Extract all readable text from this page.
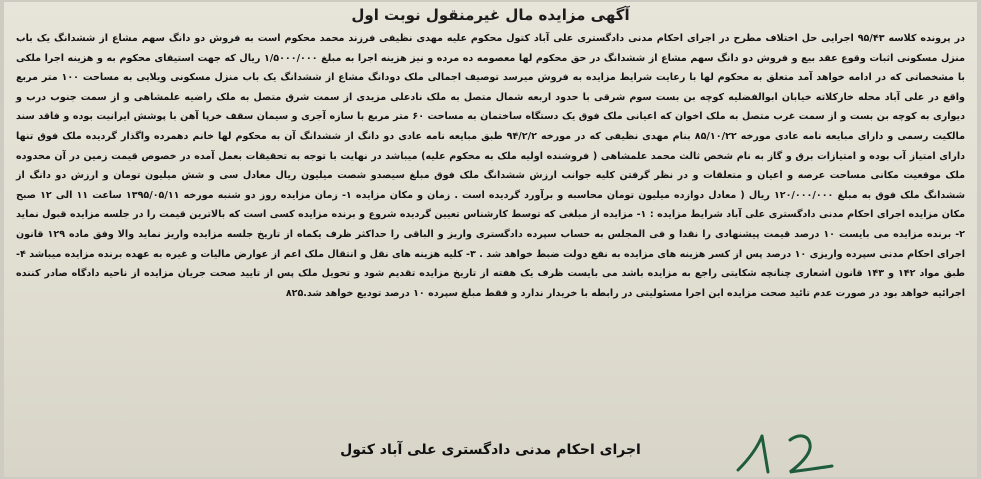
آگهی مزایده مال غیرمنقول نوبت اول
در پرونده کلاسه ۹۵/۴۳ اجرایی حل اختلاف مطرح در اجرای احکام مدنی دادگستری علی آباد کتول محکوم علیه مهدی نظیفی فرزند محمد محکوم است به فروش دو دانگ سهم مشاع از ششدانگ یک باب منزل مسکونی اثبات وقوع عقد بیع و فروش دو دانگ سهم مشاع از ششدانگ در حق محکوم لها معصومه ده مرده و نیز هزینه اجرا به مبلغ ۱/۵۰۰۰/۰۰۰ ریال که جهت استیفای محکوم به و هزینه اجرا ملکی با مشخصاتی که در ادامه خواهد آمد متعلق به محکوم لها با رعایت شرایط مزایده به فروش میرسد توصیف اجمالی ملک دودانگ مشاع از ششدانگ یک باب منزل مسکونی ویلایی به مساحت ۱۰۰ متر مربع واقع در علی آباد محله خارکلاته خیابان ابوالفضلیه کوچه بن بست سوم شرقی با حدود اربعه شمال متصل به ملک نادعلی مزیدی از سمت شرق متصل به ملک راضیه علمشاهی و از سمت جنوب درب و دیواری به کوچه بن بست و از سمت غرب متصل به ملک اخوان که اعیانی ملک فوق یک دستگاه ساختمان به مساحت ۶۰ متر مربع با سازه آجری و سیمان سقف خرپا آهن با پوشش ایرانیت بوده و فاقد سند مالکیت رسمی و دارای مبایعه نامه عادی مورخه ۸۵/۱۰/۲۲ بنام مهدی نظیفی که در مورخه ۹۴/۲/۲ طبق مبایعه نامه عادی دو دانگ از ششدانگ آن به محکوم لها خانم دهمرده واگذار گردیده ملک فوق تنها دارای امتیاز آب بوده و امتیازات برق و گاز به نام شخص ثالث محمد علمشاهی ( فروشنده اولیه ملک به محکوم علیه) میباشد در نهایت با توجه به تحقیقات بعمل آمده در خصوص قیمت زمین در آن محدوده ملک موقعیت مکانی مساحت عرصه و اعیان و متعلقات و در نظر گرفتن کلیه جوانب ارزش ششدانگ ملک فوق مبلغ سیصدو شصت میلیون ریال معادل سی و شش میلیون تومان و ارزش دو دانگ از ششدانگ ملک فوق به مبلغ ۱۲۰/۰۰۰/۰۰۰ ریال ( معادل دوازده میلیون تومان محاسبه و برآورد گردیده است . زمان و مکان مزایده ۱- زمان مزایده روز دو شنبه مورخه ۱۳۹۵/۰۵/۱۱ ساعت ۱۱ الی ۱۲ صبح مکان مزایده اجرای احکام مدنی دادگستری علی آباد شرایط مزایده : ۱- مزایده از مبلغی که توسط کارشناس تعیین گردیده شروع و برنده مزایده کسی است که بالاترین قیمت را در جلسه مزایده قبول نماید ۲- برنده مزایده می بایست ۱۰ درصد قیمت پیشنهادی را نقدا و فی المجلس به حساب سپرده دادگستری واریز و الباقی را حداکثر ظرف یکماه از تاریخ جلسه مزایده واریز نماید والا وفق ماده ۱۲۹ قانون اجرای احکام مدنی سپرده واریزی ۱۰ درصد پس از کسر هزینه های مزایده به نفع دولت ضبط خواهد شد . ۳- کلیه هزینه های نقل و انتقال ملک اعم از عوارض مالیات و غیره به عهده برنده مزایده میباشد ۴- طبق مواد ۱۴۲ و ۱۴۳ قانون اشعاری چنانچه شکایتی راجع به مزایده باشد می بایست ظرف یک هفته از تاریخ مزایده تقدیم شود و تحویل ملک پس از تایید صحت جریان مزایده از ناحیه دادگاه صادر کننده اجرائیه خواهد بود در صورت عدم تائید صحت مزایده این اجرا مسئولیتی در رابطه با خریدار ندارد و فقط مبلغ سپرده ۱۰ درصد تودیع خواهد شد.۸۲۵
اجرای احکام مدنی دادگستری علی آباد کتول
